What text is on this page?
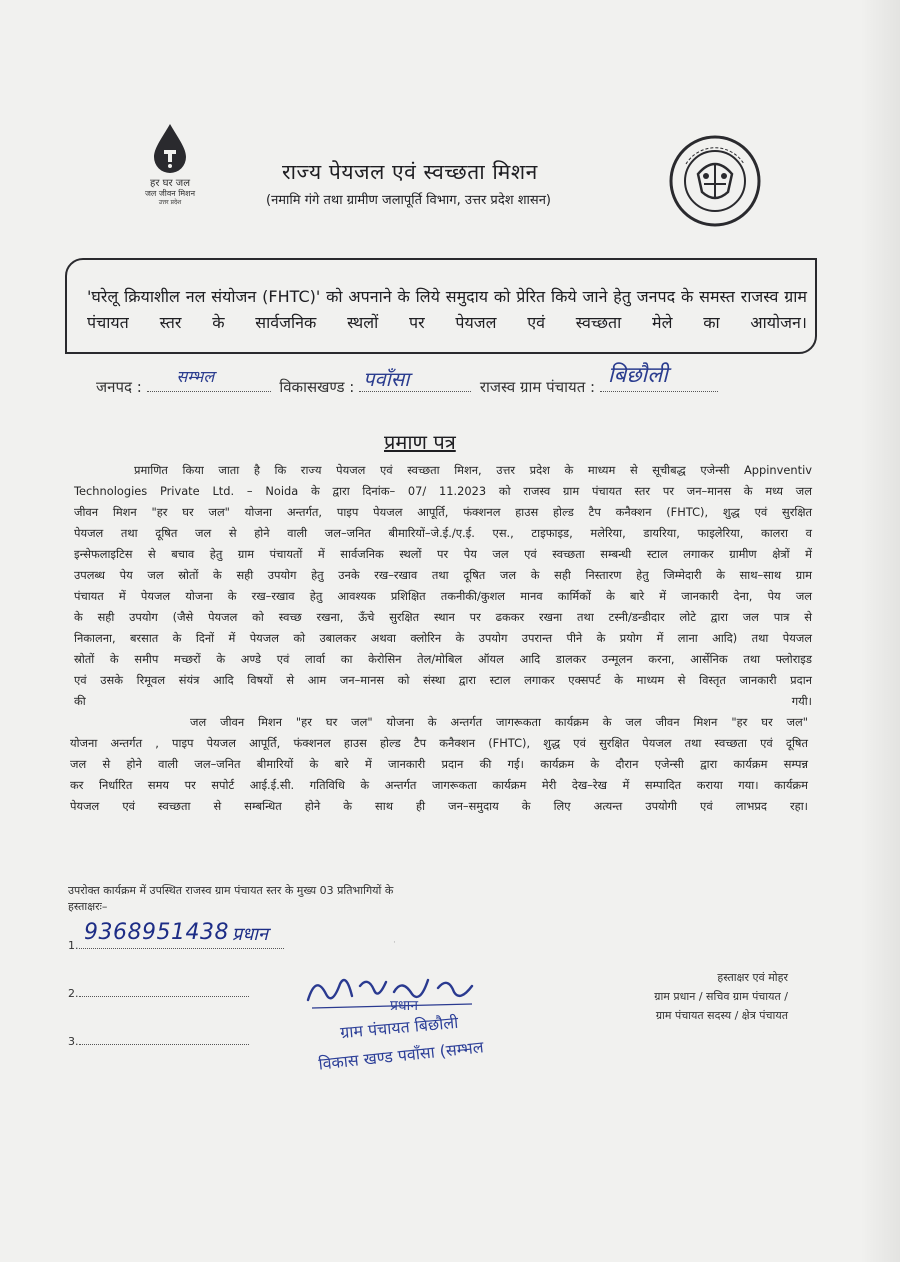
हर घर जल
जल जीवन मिशन
उत्तर प्रदेश
राज्य पेयजल एवं स्वच्छता मिशन
(नमामि गंगे तथा ग्रामीण जलापूर्ति विभाग, उत्तर प्रदेश शासन)

'घरेलू क्रियाशील नल संयोजन (FHTC)' को अपनाने के लिये समुदाय को प्रेरित किये जाने हेतु जनपद के समस्त राजस्व ग्राम पंचायत स्तर के सार्वजनिक स्थलों पर पेयजल एवं स्वच्छता मेले का आयोजन।

जनपद :
सम्भल
विकासखण्ड : पवाँसा	राजस्व ग्राम पंचायत : बिछौली
प्रमाण पत्र
प्रमाणित किया जाता है कि राज्य पेयजल एवं स्वच्छता मिशन, उत्तर प्रदेश के माध्यम से सूचीबद्ध एजेन्सी Appinventiv
Technologies Private Ltd. – Noida के द्वारा दिनांक– 07/ 11.2023 को राजस्व ग्राम पंचायत स्तर पर जन–मानस के मध्य जल
जीवन मिशन "हर घर जल" योजना अन्तर्गत, पाइप पेयजल आपूर्ति, फंक्शनल हाउस होल्ड टैप कनैक्शन (FHTC), शुद्ध एवं सुरक्षित
पेयजल तथा दूषित जल से होने वाली जल–जनित बीमारियों–जे.ई./ए.ई. एस., टाइफाइड, मलेरिया, डायरिया, फाइलेरिया, कालरा व
इन्सेफलाइटिस से बचाव हेतु ग्राम पंचायतों में सार्वजनिक स्थलों पर पेय जल एवं स्वच्छता सम्बन्धी स्टाल लगाकर ग्रामीण क्षेत्रों में
उपलब्ध पेय जल स्रोतों के सही उपयोग हेतु उनके रख–रखाव तथा दूषित जल के सही निस्तारण हेतु जिम्मेदारी के साथ–साथ ग्राम
पंचायत में पेयजल योजना के रख–रखाव हेतु आवश्यक प्रशिक्षित तकनीकी/कुशल मानव कार्मिकों के बारे में जानकारी देना, पेय जल
के सही उपयोग (जैसे पेयजल को स्वच्छ रखना, ऊँचे सुरक्षित स्थान पर ढककर रखना तथा टस्नी/डन्डीदार लोटे द्वारा जल पात्र से
निकालना, बरसात के दिनों में पेयजल को उबालकर अथवा क्लोरिन के उपयोग उपरान्त पीने के प्रयोग में लाना आदि) तथा पेयजल
स्रोतों के समीप मच्छरों के अण्डे एवं लार्वा का केरोसिन तेल/मोबिल ऑयल आदि डालकर उन्मूलन करना, आर्सेनिक तथा फ्लोराइड
एवं उसके रिमूवल संयंत्र आदि विषयों से आम जन–मानस को संस्था द्वारा स्टाल लगाकर एक्सपर्ट के माध्यम से विस्तृत जानकारी प्रदान
की गयी।
जल जीवन मिशन "हर घर जल" योजना के अन्तर्गत जागरूकता कार्यक्रम के जल जीवन मिशन "हर घर जल"
योजना अन्तर्गत , पाइप पेयजल आपूर्ति, फंक्शनल हाउस होल्ड टैप कनैक्शन (FHTC), शुद्ध एवं सुरक्षित पेयजल तथा स्वच्छता एवं दूषित
जल से होने वाली जल–जनित बीमारियों के बारे में जानकारी प्रदान की गई। कार्यक्रम के दौरान एजेन्सी द्वारा कार्यक्रम सम्पन्न
कर निर्धारित समय पर सपोर्ट आई.ई.सी. गतिविधि के अन्तर्गत जागरूकता कार्यक्रम मेरी देख–रेख में सम्पादित कराया गया। कार्यक्रम
पेयजल एवं स्वच्छता से सम्बन्धित होने के साथ ही जन–समुदाय के लिए अत्यन्त उपयोगी एवं लाभप्रद रहा।
उपरोक्त कार्यक्रम में उपस्थित राजस्व ग्राम पंचायत स्तर के मुख्य 03 प्रतिभागियों के
हस्ताक्षरः–
1.
9368951438 प्रधान	·
2.
3.
प्रधान
ग्राम पंचायत बिछौली
विकास खण्ड पवाँसा (सम्भल
हस्ताक्षर एवं मोहर
ग्राम प्रधान / सचिव ग्राम पंचायत /
ग्राम पंचायत सदस्य / क्षेत्र पंचायत
